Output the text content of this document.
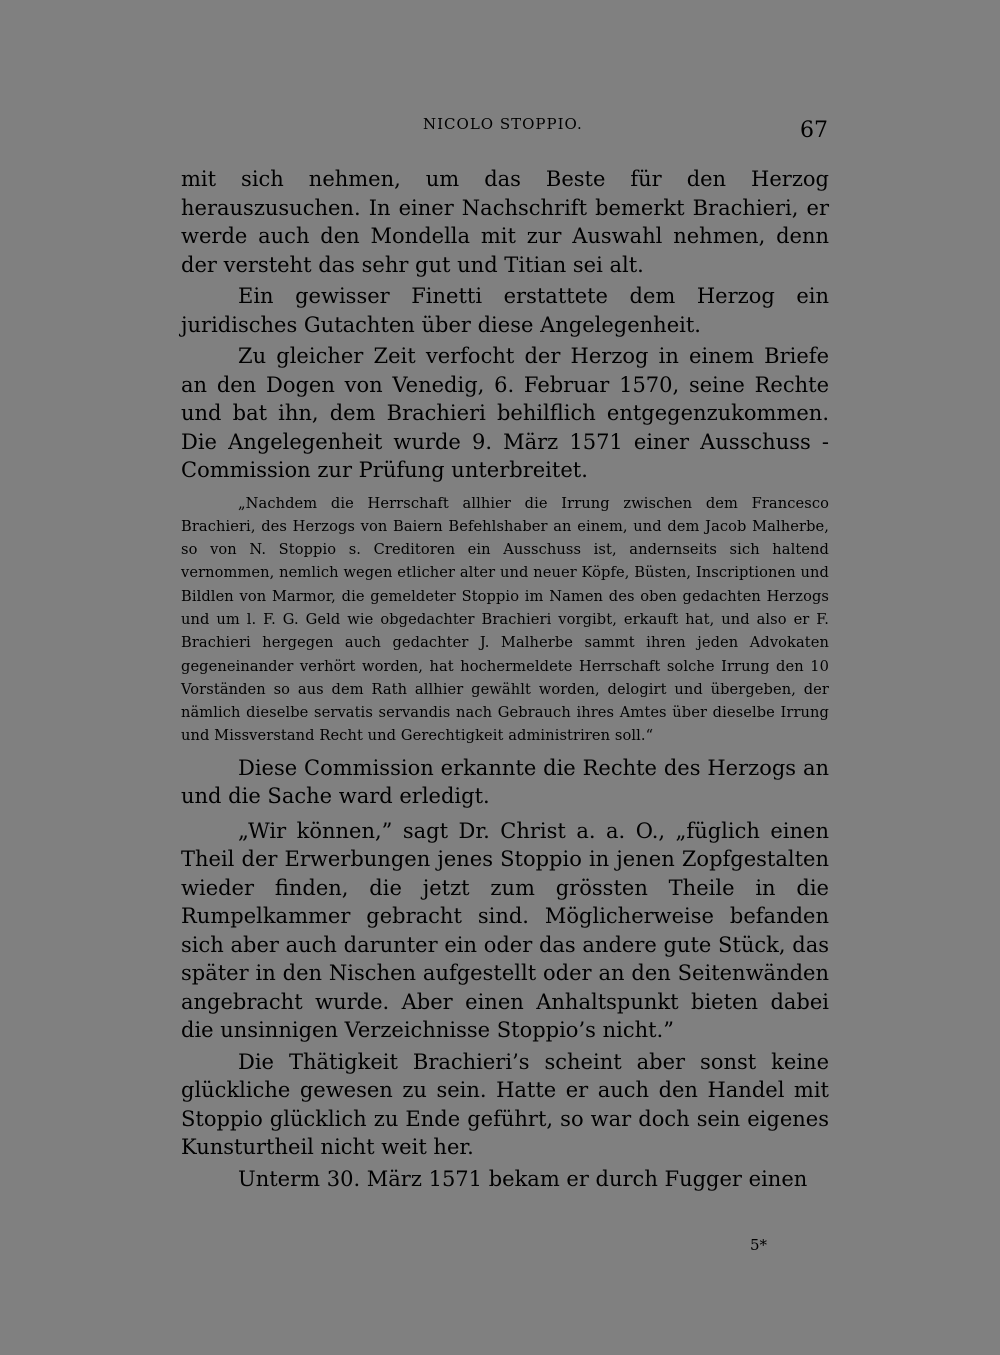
NICOLO STOPPIO.	67

mit sich nehmen, um das Beste für den Herzog herauszusuchen. In einer Nachschrift bemerkt Brachieri, er werde auch den Mondella mit zur Auswahl nehmen, denn der versteht das sehr gut und Titian sei alt.

Ein gewisser Finetti erstattete dem Herzog ein juridisches Gutachten über diese Angelegenheit.

Zu gleicher Zeit verfocht der Herzog in einem Briefe an den Dogen von Venedig, 6. Februar 1570, seine Rechte und bat ihn, dem Brachieri behilflich entgegenzukommen. Die Angelegenheit wurde 9. März 1571 einer Ausschuss - Commission zur Prüfung unterbreitet.

„Nachdem die Herrschaft allhier die Irrung zwischen dem Francesco Brachieri, des Herzogs von Baiern Befehlshaber an einem, und dem Jacob Malherbe, so von N. Stoppio s. Creditoren ein Ausschuss ist, andernseits sich haltend vernommen, nemlich wegen etlicher alter und neuer Köpfe, Büsten, Inscriptionen und Bildlen von Marmor, die gemeldeter Stoppio im Namen des oben gedachten Herzogs und um l. F. G. Geld wie obgedachter Brachieri vorgibt, erkauft hat, und also er F. Brachieri hergegen auch gedachter J. Malherbe sammt ihren jeden Advokaten gegeneinander verhört worden, hat hochermeldete Herrschaft solche Irrung den 10 Vorständen so aus dem Rath allhier gewählt worden, delogirt und übergeben, der nämlich dieselbe servatis servandis nach Gebrauch ihres Amtes über dieselbe Irrung und Missverstand Recht und Gerechtigkeit administriren soll.“

Diese Commission erkannte die Rechte des Herzogs an und die Sache ward erledigt.

„Wir können,” sagt Dr. Christ a. a. O., „füglich einen Theil der Erwerbungen jenes Stoppio in jenen Zopfgestalten wieder finden, die jetzt zum grössten Theile in die Rumpelkammer gebracht sind. Möglicherweise befanden sich aber auch darunter ein oder das andere gute Stück, das später in den Nischen aufgestellt oder an den Seitenwänden angebracht wurde. Aber einen Anhaltspunkt bieten dabei die unsinnigen Verzeichnisse Stoppio’s nicht.”

Die Thätigkeit Brachieri’s scheint aber sonst keine glückliche gewesen zu sein. Hatte er auch den Handel mit Stoppio glücklich zu Ende geführt, so war doch sein eigenes Kunsturtheil nicht weit her.

Unterm 30. März 1571 bekam er durch Fugger einen

5*
